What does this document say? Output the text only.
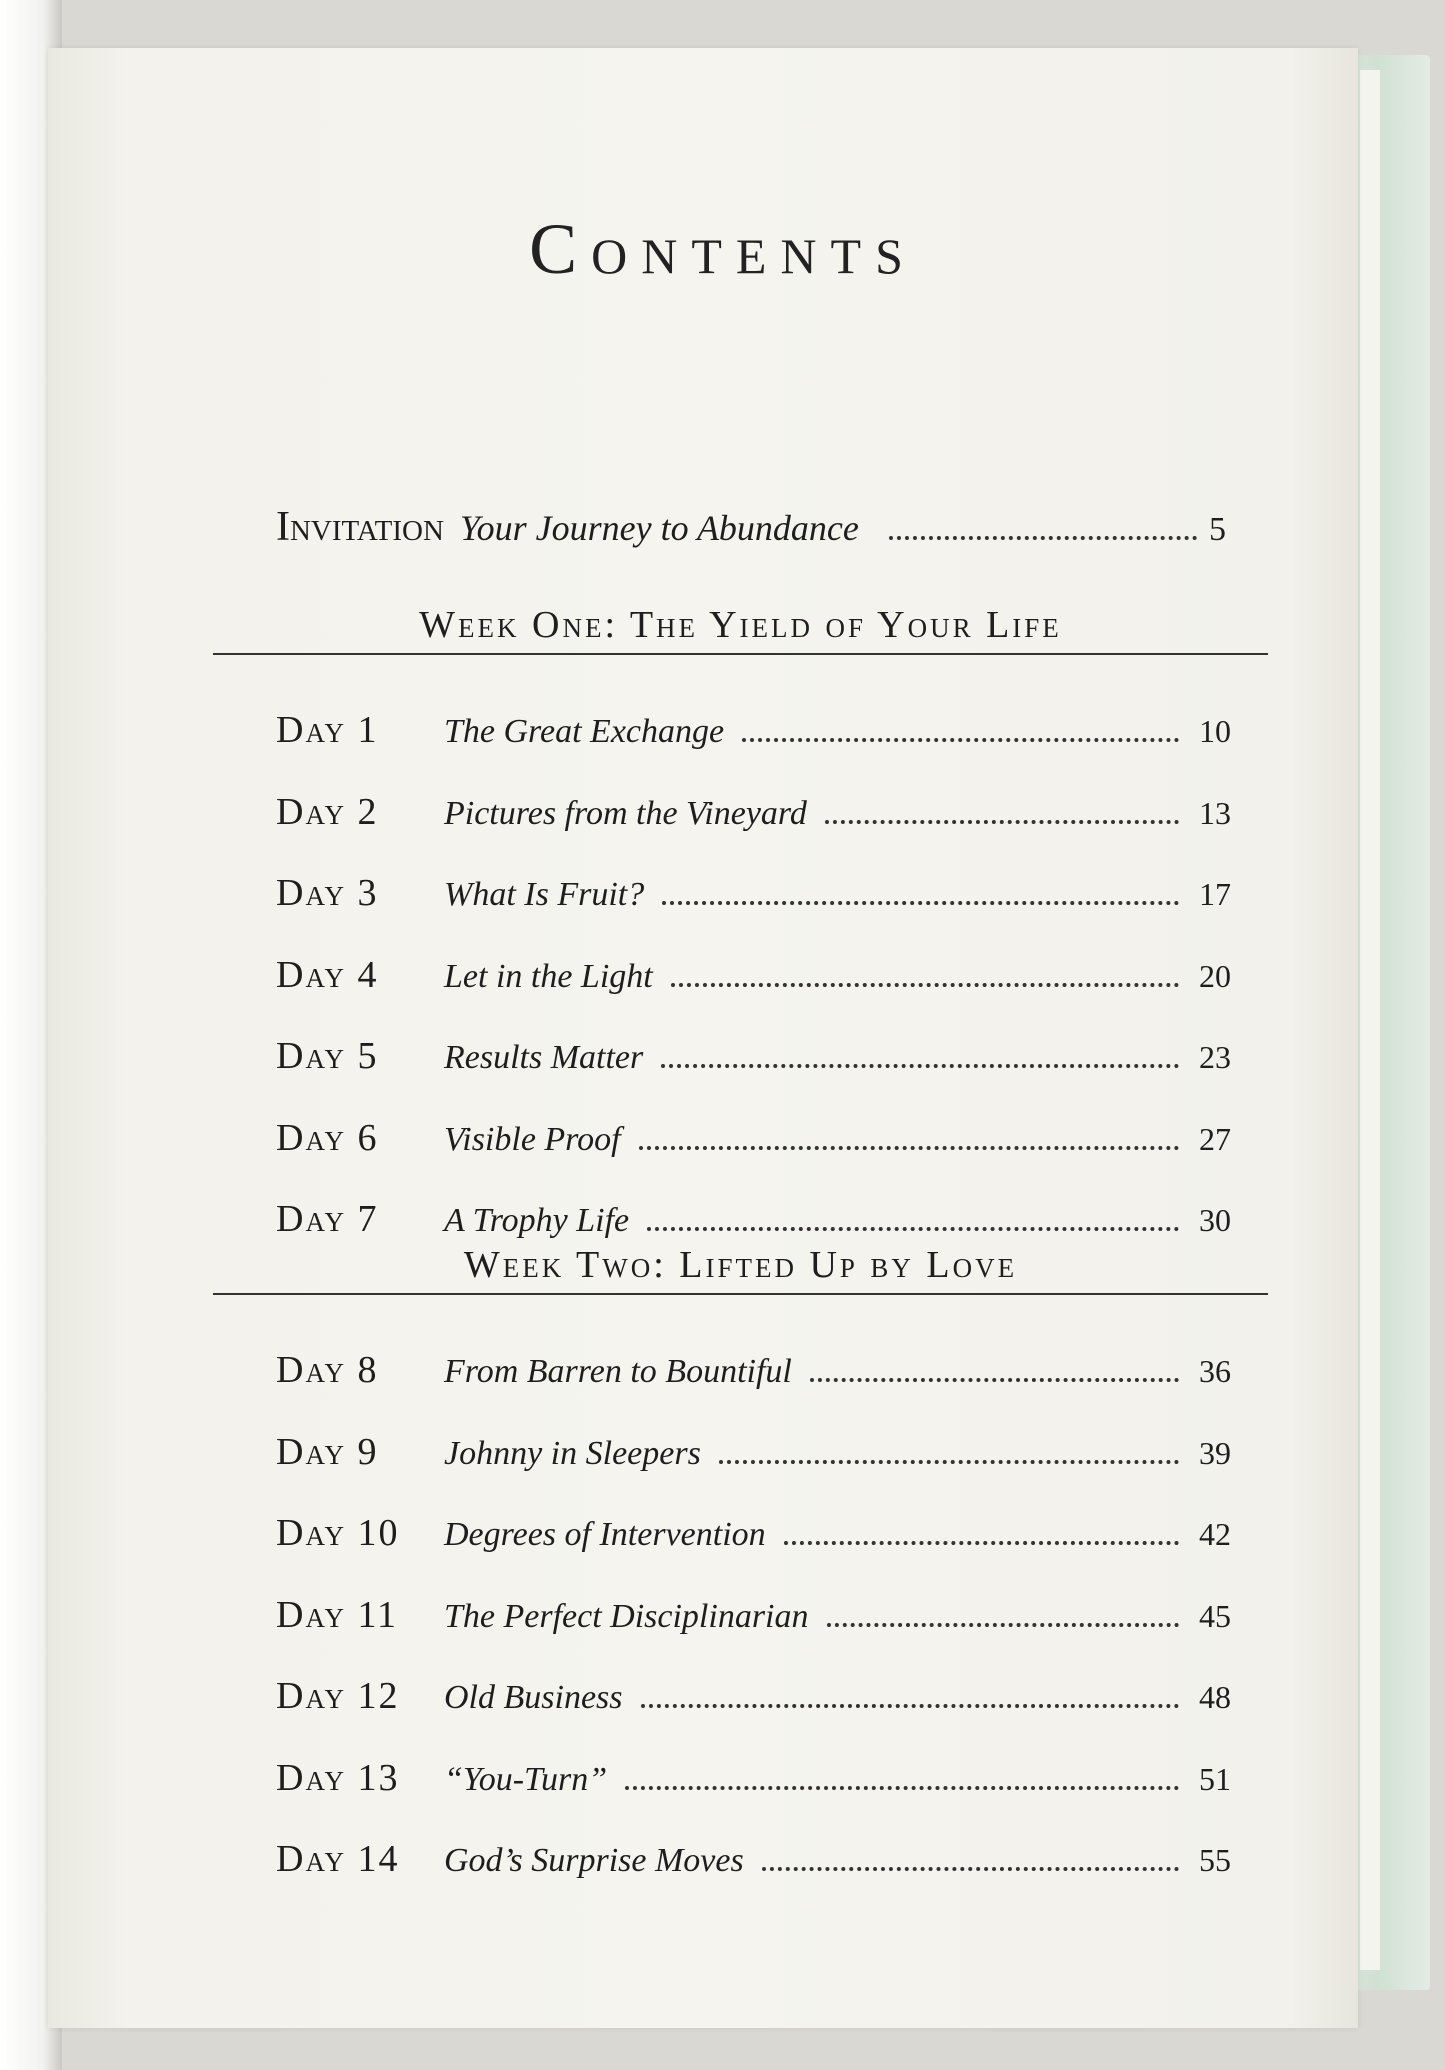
Contents
Invitation Your Journey to Abundance	5
Week One: The Yield of Your Life
Day 1	The Great Exchange	10
Day 2	Pictures from the Vineyard	13
Day 3	What Is Fruit?	17
Day 4	Let in the Light	20
Day 5	Results Matter	23
Day 6	Visible Proof	27
Day 7	A Trophy Life	30
Week Two: Lifted Up by Love
Day 8	From Barren to Bountiful	36
Day 9	Johnny in Sleepers	39
Day 10	Degrees of Intervention	42
Day 11	The Perfect Disciplinarian	45
Day 12	Old Business	48
Day 13	“You-Turn”	51
Day 14	God’s Surprise Moves	55
